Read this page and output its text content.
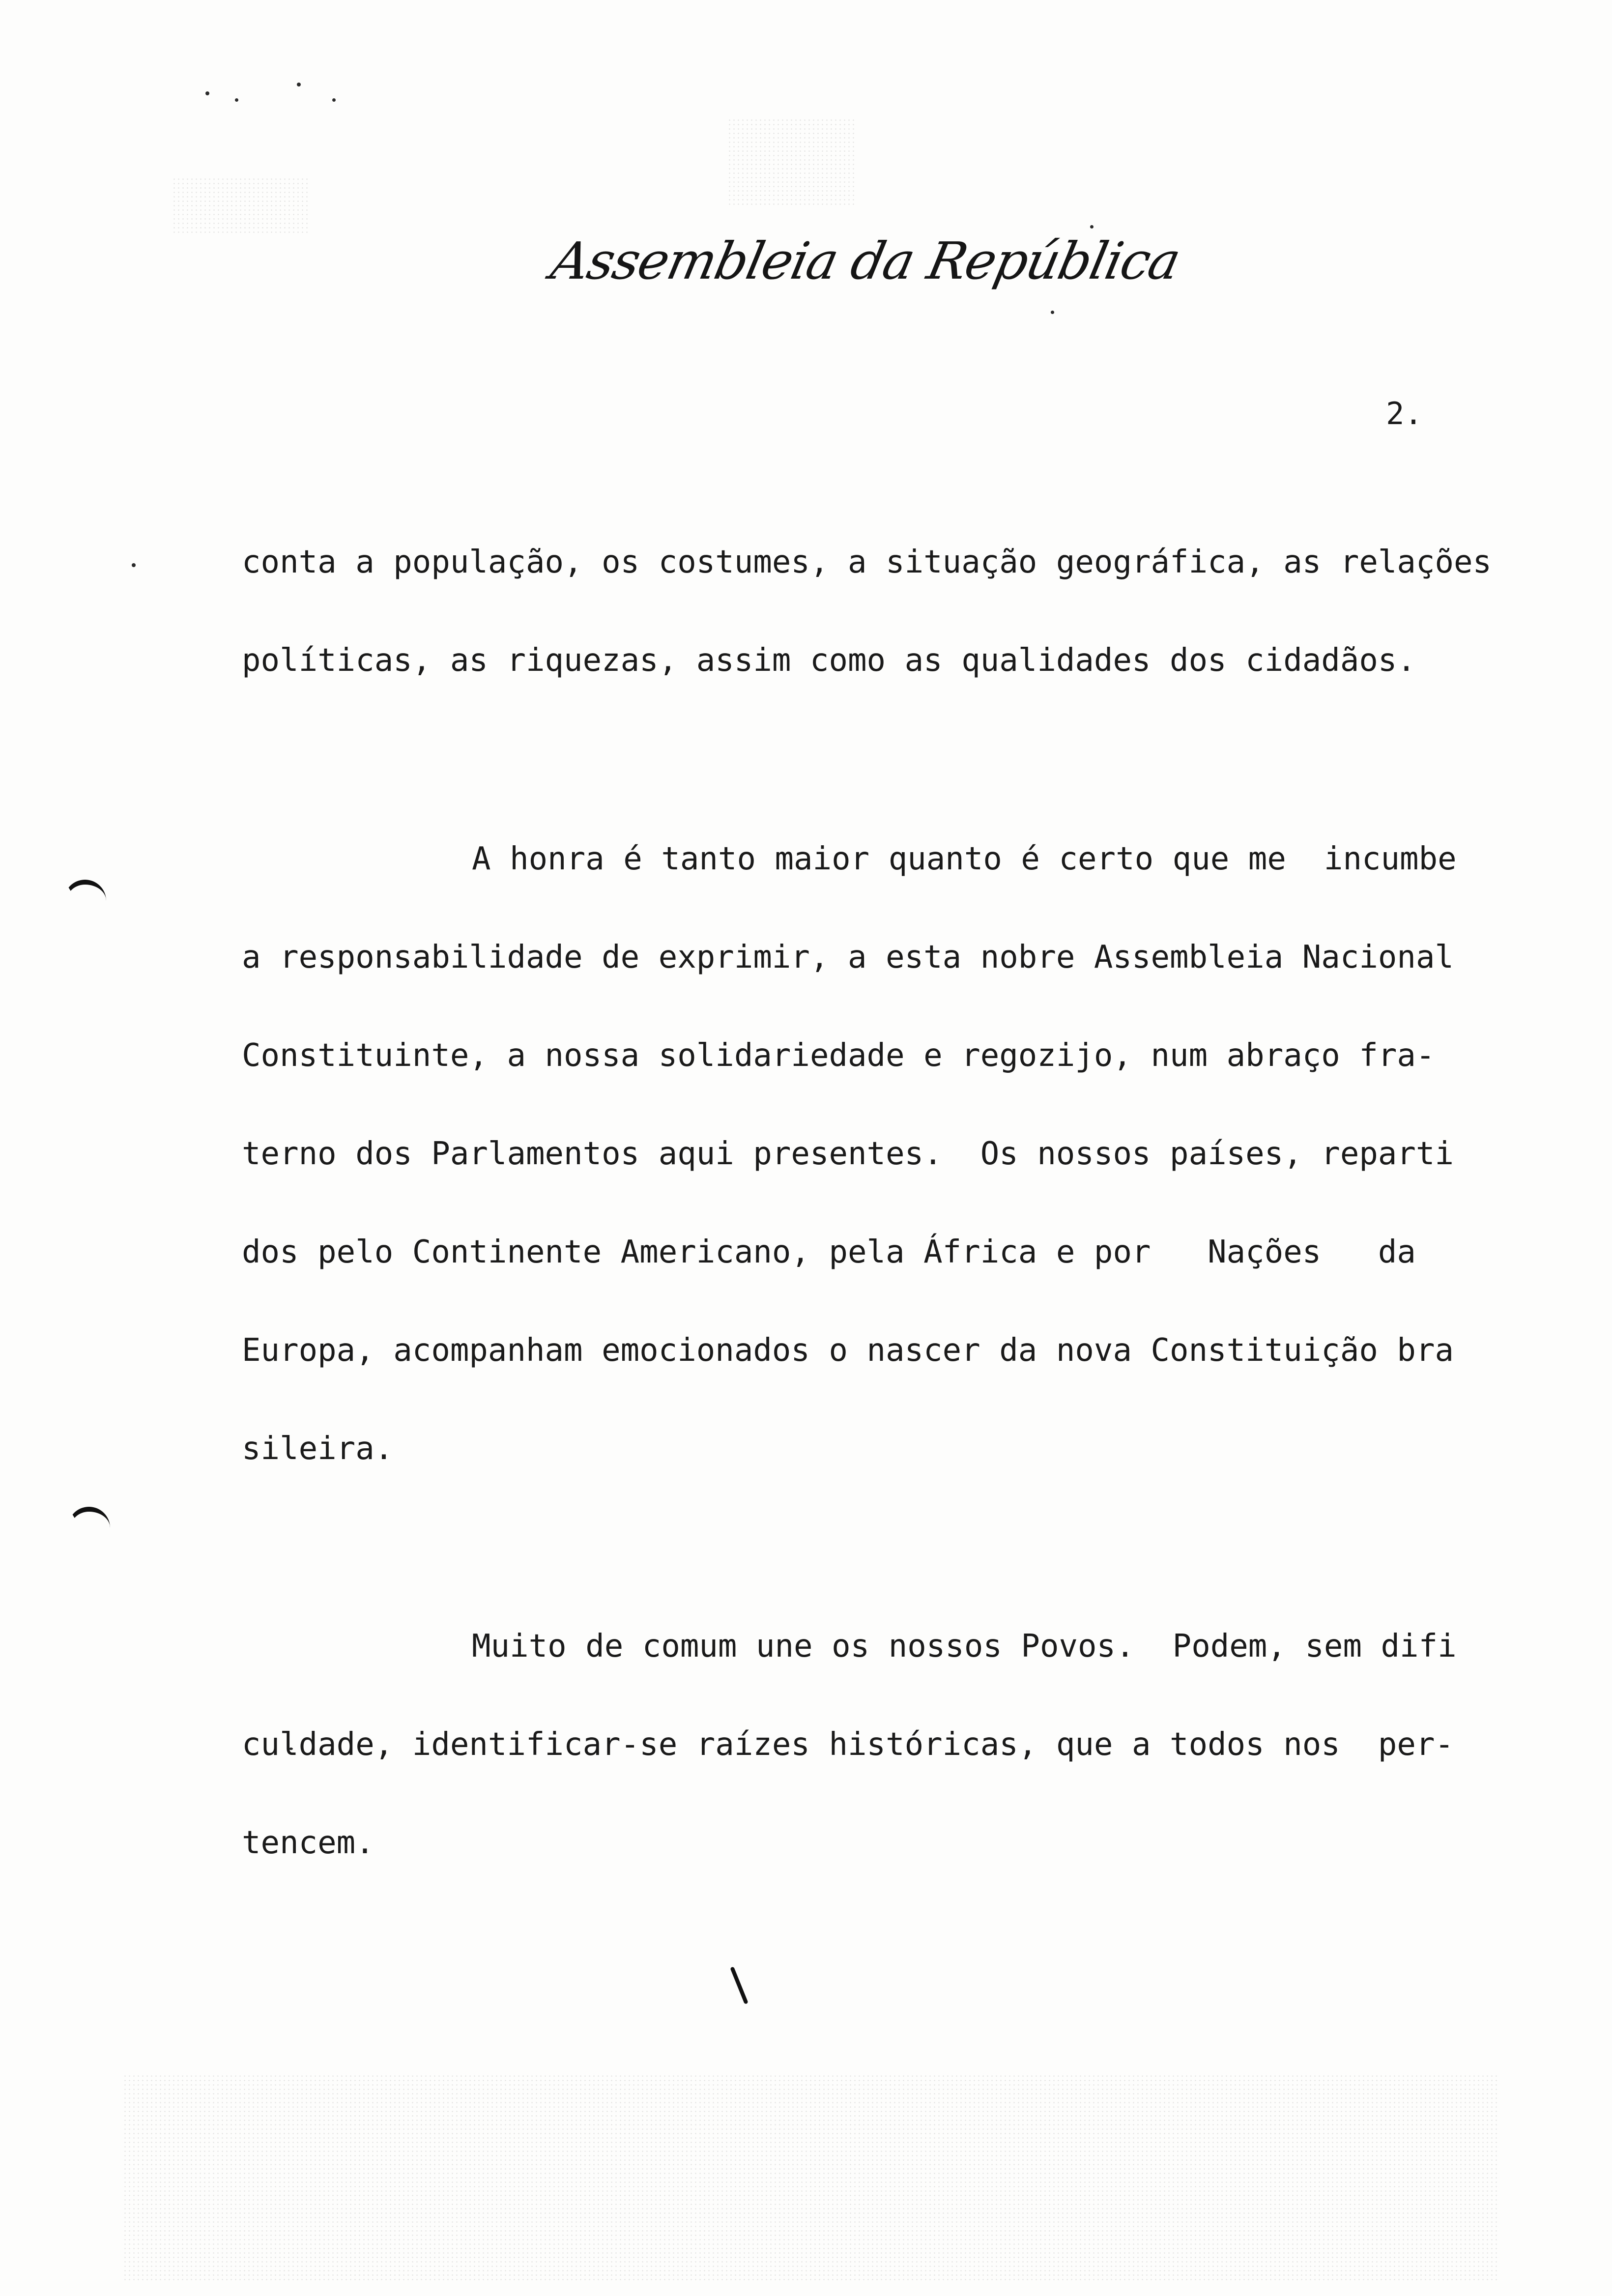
Assembleia da República
2.
conta a população, os costumes, a situação geográfica, as relações
políticas, as riquezas, assim como as qualidades dos cidadãos.
A honra é tanto maior quanto é certo que me  incumbe
a responsabilidade de exprimir, a esta nobre Assembleia Nacional
Constituinte, a nossa solidariedade e regozijo, num abraço fra-
terno dos Parlamentos aqui presentes.  Os nossos países, reparti
dos pelo Continente Americano, pela África e por   Nações   da
Europa, acompanham emocionados o nascer da nova Constituição bra
sileira.
Muito de comum une os nossos Povos.  Podem, sem difi
culdade, identificar-se raízes históricas, que a todos nos  per-
tencem.
